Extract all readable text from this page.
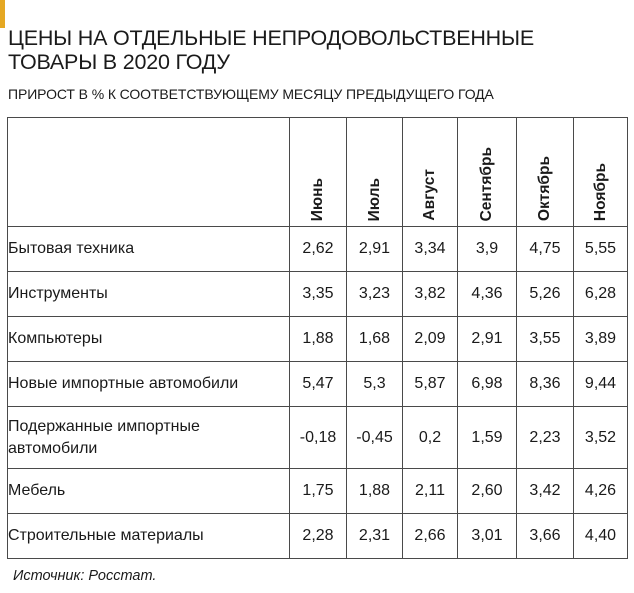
ЦЕНЫ НА ОТДЕЛЬНЫЕ НЕПРОДОВОЛЬСТВЕННЫЕ
ТОВАРЫ В 2020 ГОДУ
ПРИРОСТ В % К СООТВЕТСТВУЮЩЕМУ МЕСЯЦУ ПРЕДЫДУЩЕГО ГОДА
	Июнь	Июль	Август	Сентябрь	Октябрь	Ноябрь
Бытовая техника	2,62	2,91	3,34	3,9	4,75	5,55
Инструменты	3,35	3,23	3,82	4,36	5,26	6,28
Компьютеры	1,88	1,68	2,09	2,91	3,55	3,89
Новые импортные автомобили	5,47	5,3	5,87	6,98	8,36	9,44
Подержанные импортные автомобили	-0,18	-0,45	0,2	1,59	2,23	3,52
Мебель	1,75	1,88	2,11	2,60	3,42	4,26
Строительные материалы	2,28	2,31	2,66	3,01	3,66	4,40
Источник: Росстат.
